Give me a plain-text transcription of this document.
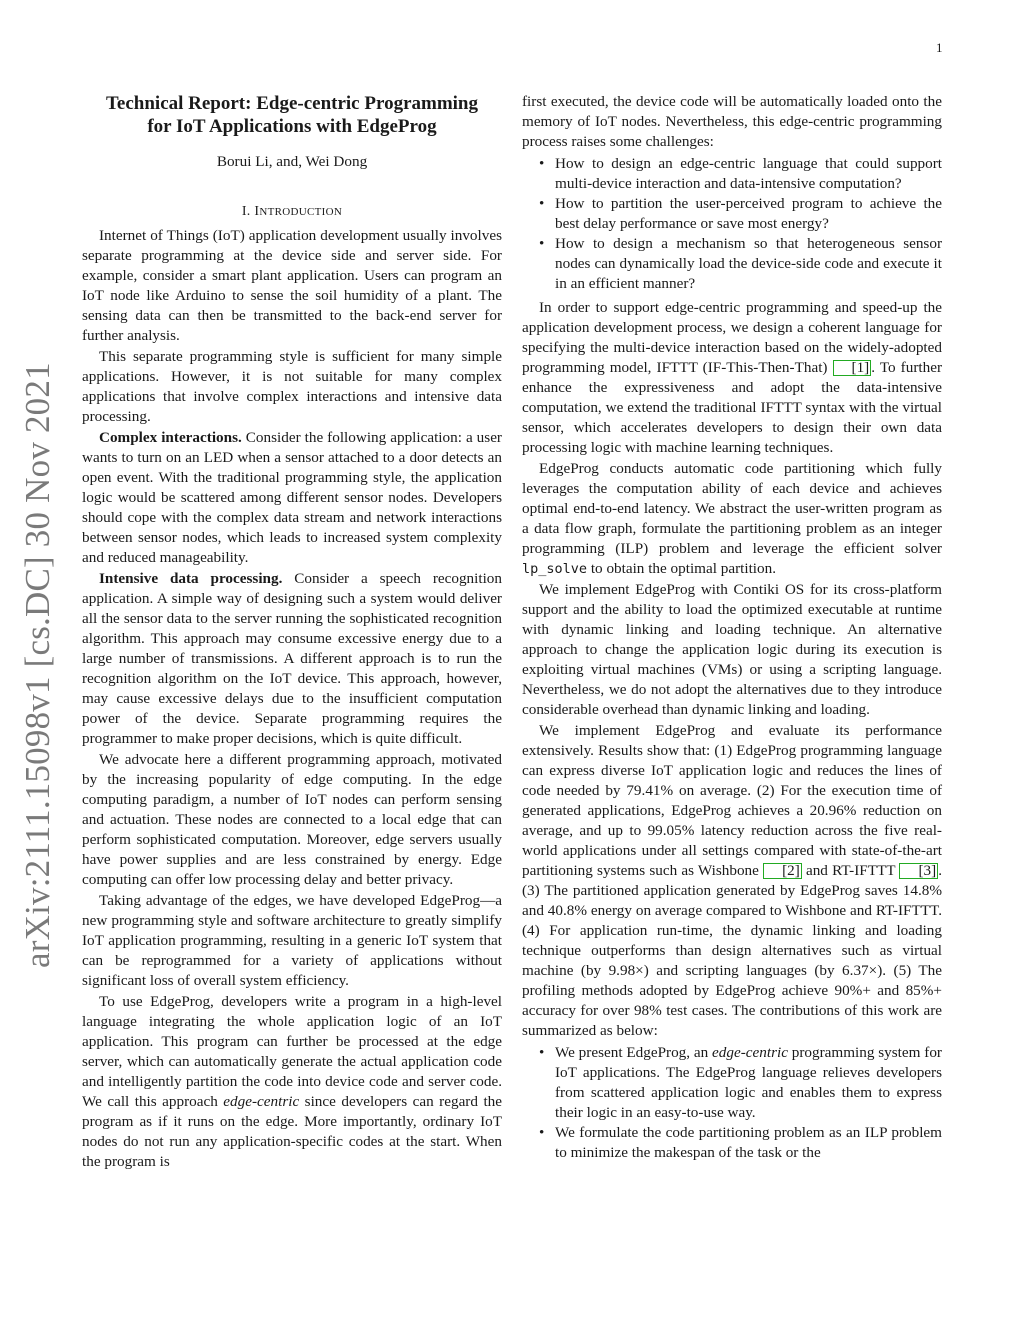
1
arXiv:2111.15098v1 [cs.DC] 30 Nov 2021
Technical Report: Edge-centric Programming
for IoT Applications with EdgeProg
Borui Li, and, Wei Dong
I. INTRODUCTION

Internet of Things (IoT) application development usually involves separate programming at the device side and server side. For example, consider a smart plant application. Users can program an IoT node like Arduino to sense the soil humidity of a plant. The sensing data can then be transmitted to the back-end server for further analysis.

This separate programming style is sufficient for many simple applications. However, it is not suitable for many complex applications that involve complex interactions and intensive data processing.

Complex interactions. Consider the following application: a user wants to turn on an LED when a sensor attached to a door detects an open event. With the traditional programming style, the application logic would be scattered among different sensor nodes. Developers should cope with the complex data stream and network interactions between sensor nodes, which leads to increased system complexity and reduced manageability.

Intensive data processing. Consider a speech recognition application. A simple way of designing such a system would deliver all the sensor data to the server running the sophisticated recognition algorithm. This approach may consume excessive energy due to a large number of transmissions. A different approach is to run the recognition algorithm on the IoT device. This approach, however, may cause excessive delays due to the insufficient computation power of the device. Separate programming requires the programmer to make proper decisions, which is quite difficult.

We advocate here a different programming approach, motivated by the increasing popularity of edge computing. In the edge computing paradigm, a number of IoT nodes can perform sensing and actuation. These nodes are connected to a local edge that can perform sophisticated computation. Moreover, edge servers usually have power supplies and are less constrained by energy. Edge computing can offer low processing delay and better privacy.

Taking advantage of the edges, we have developed EdgeProg—a new programming style and software architecture to greatly simplify IoT application programming, resulting in a generic IoT system that can be reprogrammed for a variety of applications without significant loss of overall system efficiency.

To use EdgeProg, developers write a program in a high-level language integrating the whole application logic of an IoT application. This program can further be processed at the edge server, which can automatically generate the actual application code and intelligently partition the code into device code and server code. We call this approach edge-centric since developers can regard the program as if it runs on the edge. More importantly, ordinary IoT nodes do not run any application-specific codes at the start. When the program is

first executed, the device code will be automatically loaded onto the memory of IoT nodes. Nevertheless, this edge-centric programming process raises some challenges:

• How to design an edge-centric language that could support multi-device interaction and data-intensive computation?
• How to partition the user-perceived program to achieve the best delay performance or save most energy?
• How to design a mechanism so that heterogeneous sensor nodes can dynamically load the device-side code and execute it in an efficient manner?

In order to support edge-centric programming and speed-up the application development process, we design a coherent language for specifying the multi-device interaction based on the widely-adopted programming model, IFTTT (IF-This-Then-That) [1] . To further enhance the expressiveness and adopt the data-intensive computation, we extend the traditional IFTTT syntax with the virtual sensor, which accelerates developers to design their own data processing logic with machine learning techniques.

EdgeProg conducts automatic code partitioning which fully leverages the computation ability of each device and achieves optimal end-to-end latency. We abstract the user-written program as a data flow graph, formulate the partitioning problem as an integer programming (ILP) problem and leverage the efficient solver lp_solve to obtain the optimal partition.

We implement EdgeProg with Contiki OS for its cross-platform support and the ability to load the optimized executable at runtime with dynamic linking and loading technique. An alternative approach to change the application logic during its execution is exploiting virtual machines (VMs) or using a scripting language. Nevertheless, we do not adopt the alternatives due to they introduce considerable overhead than dynamic linking and loading.

We implement EdgeProg and evaluate its performance extensively. Results show that: (1) EdgeProg programming language can express diverse IoT application logic and reduces the lines of code needed by 79.41% on average. (2) For the execution time of generated applications, EdgeProg achieves a 20.96% reduction on average, and up to 99.05% latency reduction across the five real-world applications under all settings compared with state-of-the-art partitioning systems such as Wishbone [2] and RT-IFTTT [3] . (3) The partitioned application generated by EdgeProg saves 14.8% and 40.8% energy on average compared to Wishbone and RT-IFTTT. (4) For application run-time, the dynamic linking and loading technique outperforms than design alternatives such as virtual machine (by 9.98×) and scripting languages (by 6.37×). (5) The profiling methods adopted by EdgeProg achieve 90%+ and 85%+ accuracy for over 98% test cases. The contributions of this work are summarized as below:

• We present EdgeProg, an edge-centric programming system for IoT applications. The EdgeProg language relieves developers from scattered application logic and enables them to express their logic in an easy-to-use way.
• We formulate the code partitioning problem as an ILP problem to minimize the makespan of the task or the
